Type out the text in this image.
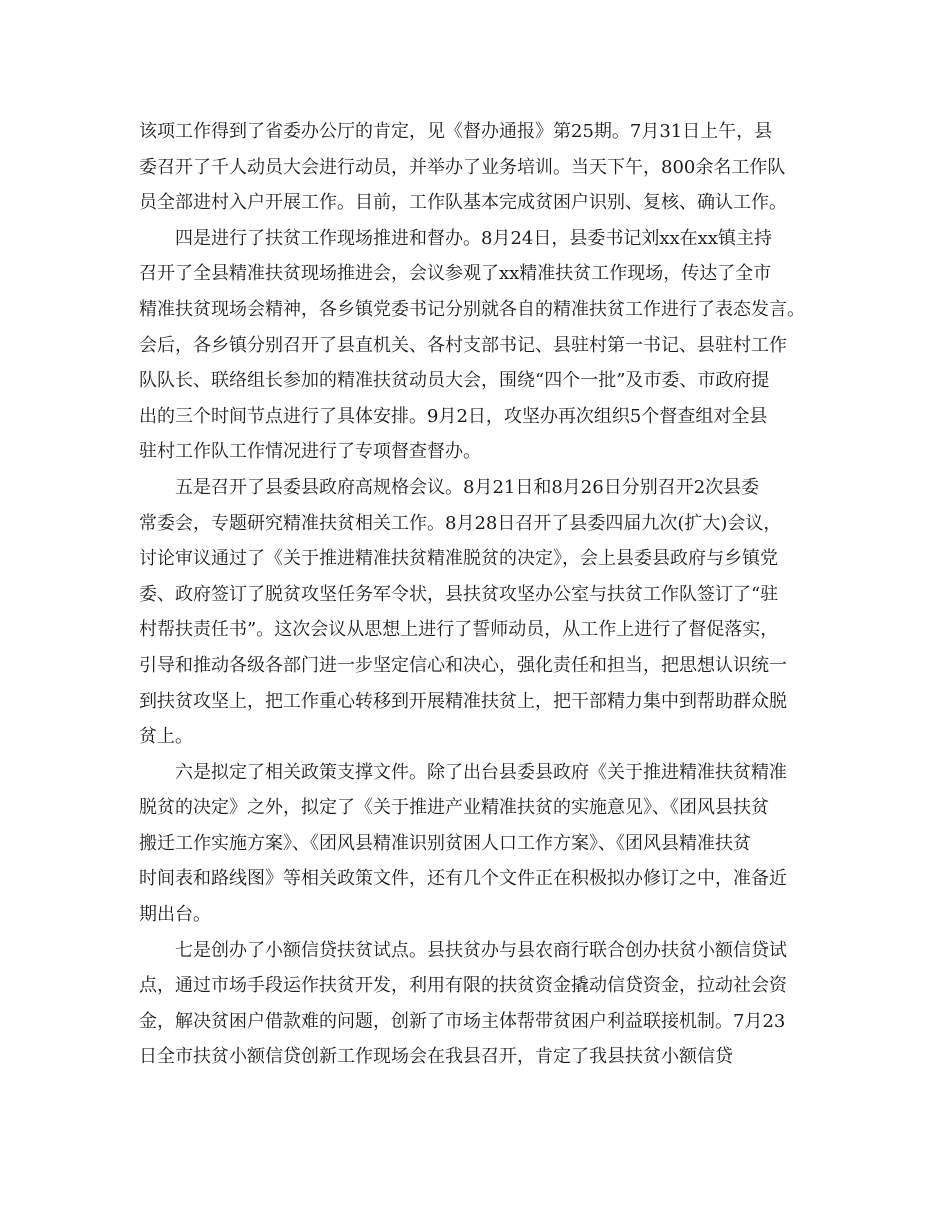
该项工作得到了省委办公厅的肯定，见《督办通报》第25期。7月31日上午，县
委召开了千人动员大会进行动员，并举办了业务培训。当天下午，800余名工作队
员全部进村入户开展工作。目前，工作队基本完成贫困户识别、复核、确认工作。
四是进行了扶贫工作现场推进和督办。8月24日，县委书记刘xx在xx镇主持
召开了全县精准扶贫现场推进会，会议参观了xx精准扶贫工作现场，传达了全市
精准扶贫现场会精神，各乡镇党委书记分别就各自的精准扶贫工作进行了表态发言。
会后，各乡镇分别召开了县直机关、各村支部书记、县驻村第一书记、县驻村工作
队队长、联络组长参加的精准扶贫动员大会，围绕“四个一批”及市委、市政府提
出的三个时间节点进行了具体安排。9月2日，攻坚办再次组织5个督查组对全县
驻村工作队工作情况进行了专项督查督办。
五是召开了县委县政府高规格会议。8月21日和8月26日分别召开2次县委
常委会，专题研究精准扶贫相关工作。8月28日召开了县委四届九次(扩大)会议，
讨论审议通过了《关于推进精准扶贫精准脱贫的决定》，会上县委县政府与乡镇党
委、政府签订了脱贫攻坚任务军令状，县扶贫攻坚办公室与扶贫工作队签订了“驻
村帮扶责任书”。这次会议从思想上进行了誓师动员，从工作上进行了督促落实，
引导和推动各级各部门进一步坚定信心和决心，强化责任和担当，把思想认识统一
到扶贫攻坚上，把工作重心转移到开展精准扶贫上，把干部精力集中到帮助群众脱
贫上。
六是拟定了相关政策支撑文件。除了出台县委县政府《关于推进精准扶贫精准
脱贫的决定》之外，拟定了《关于推进产业精准扶贫的实施意见》、《团风县扶贫
搬迁工作实施方案》、《团风县精准识别贫困人口工作方案》、《团风县精准扶贫
时间表和路线图》等相关政策文件，还有几个文件正在积极拟办修订之中，准备近
期出台。
七是创办了小额信贷扶贫试点。县扶贫办与县农商行联合创办扶贫小额信贷试
点，通过市场手段运作扶贫开发，利用有限的扶贫资金撬动信贷资金，拉动社会资
金，解决贫困户借款难的问题，创新了市场主体帮带贫困户利益联接机制。7月23
日全市扶贫小额信贷创新工作现场会在我县召开，肯定了我县扶贫小额信贷
